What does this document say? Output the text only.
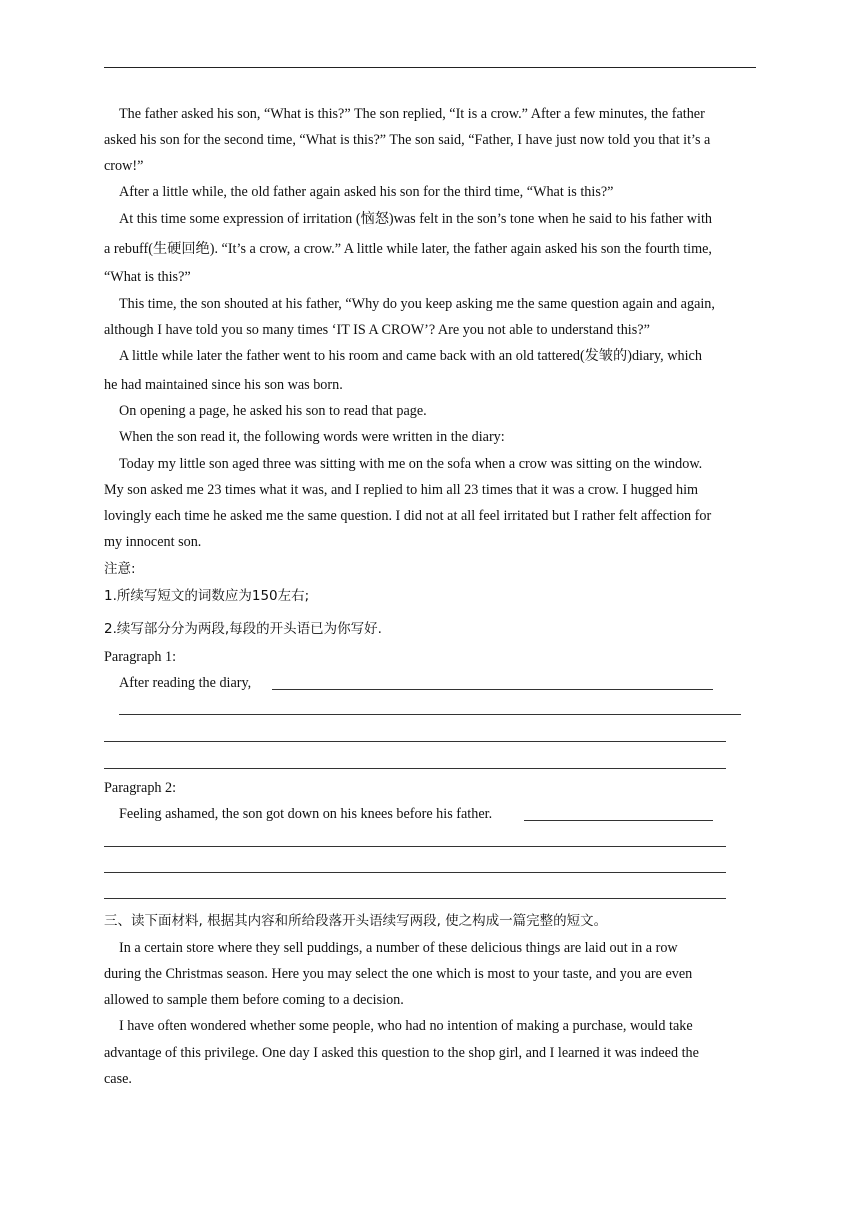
The father asked his son, “What is this?” The son replied, “It is a crow.” After a few minutes, the father
asked his son for the second time, “What is this?” The son said, “Father, I have just now told you that it’s a
crow!”
After a little while, the old father again asked his son for the third time, “What is this?”
At this time some expression of irritation (恼怒)was felt in the son’s tone when he said to his father with
a rebuff(生硬回绝). “It’s a crow, a crow.” A little while later, the father again asked his son the fourth time,
“What is this?”
This time, the son shouted at his father, “Why do you keep asking me the same question again and again,
although I have told you so many times ‘IT IS A CROW’? Are you not able to understand this?”
A little while later the father went to his room and came back with an old tattered(发皱的)diary, which
he had maintained since his son was born.
On opening a page, he asked his son to read that page.
When the son read it, the following words were written in the diary:
Today my little son aged three was sitting with me on the sofa when a crow was sitting on the window.
My son asked me 23 times what it was, and I replied to him all 23 times that it was a crow. I hugged him
lovingly each time he asked me the same question. I did not at all feel irritated but I rather felt affection for
my innocent son.
注意:
1.所续写短文的词数应为150左右;
2.续写部分分为两段,每段的开头语已为你写好.
Paragraph 1:
After reading the diary,
Paragraph 2:
Feeling ashamed, the son got down on his knees before his father.
三、读下面材料, 根据其内容和所给段落开头语续写两段, 使之构成一篇完整的短文。
In a certain store where they sell puddings, a number of these delicious things are laid out in a row
during the Christmas season. Here you may select the one which is most to your taste, and you are even
allowed to sample them before coming to a decision.
I have often wondered whether some people, who had no intention of making a purchase, would take
advantage of this privilege. One day I asked this question to the shop girl, and I learned it was indeed the
case.
